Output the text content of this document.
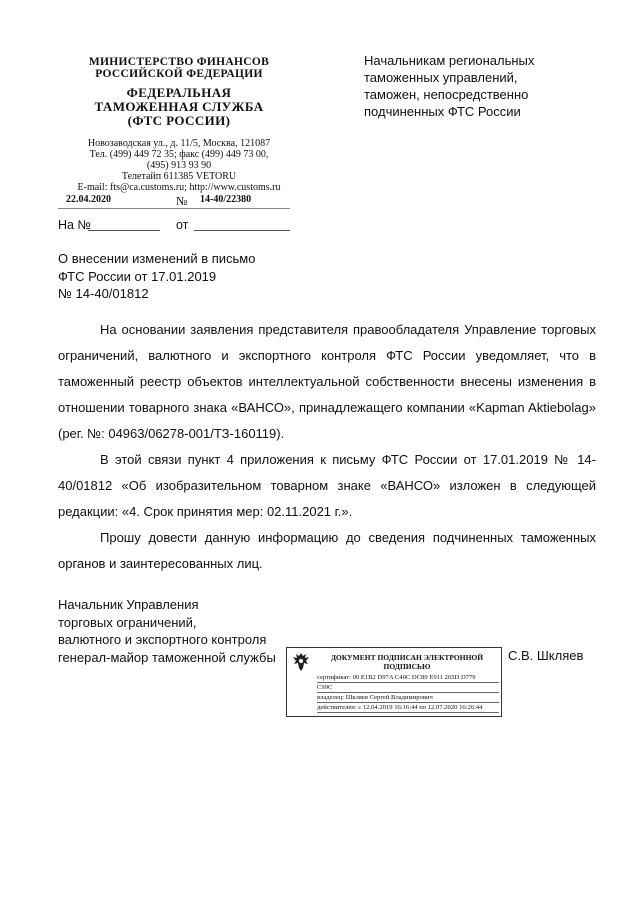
МИНИСТЕРСТВО ФИНАНСОВ
РОССИЙСКОЙ ФЕДЕРАЦИИ
ФЕДЕРАЛЬНАЯ
ТАМОЖЕННАЯ СЛУЖБА
(ФТС РОССИИ)
Новозаводская ул., д. 11/5, Москва, 121087
Тел. (499) 449 72 35; факс (499) 449 73 00,
(495) 913 93 90
Телетайп 611385 VETORU
E-mail: fts@ca.customs.ru; http://www.customs.ru
22.04.2020	№ 14-40/22380
На №	от
Начальникам региональных
таможенных управлений,
таможен, непосредственно
подчиненных ФТС России
О внесении изменений в письмо
ФТС России от 17.01.2019
№ 14-40/01812

На основании заявления представителя правообладателя Управление торговых ограничений, валютного и экспортного контроля ФТС России уведомляет, что в таможенный реестр объектов интеллектуальной собственности внесены изменения в отношении товарного знака «ВАНСО», принадлежащего компании «Kapman Aktiebolag» (рег. №: 04963/06278-001/ТЗ-160119).

В этой связи пункт 4 приложения к письму ФТС России от 17.01.2019 № 14-40/01812 «Об изобразительном товарном знаке «ВАНСО» изложен в следующей редакции: «4. Срок принятия мер: 02.11.2021 г.».

Прошу довести данную информацию до сведения подчиненных таможенных органов и заинтересованных лиц.

Начальник Управления
торговых ограничений,
валютного и экспортного контроля
генерал-майор таможенной службы	ДОКУМЕНТ ПОДПИСАН ЭЛЕКТРОННОЙ
ПОДПИСЬЮ
сертификат: 00 E1B2 D97A C40C DC89 E911 265D D779
C99C
владелец: Шкляев Сергей Владимирович
действителен: с 12.04.2019 16:16:44 по 12.07.2020 16:26:44
С.В. Шкляев
